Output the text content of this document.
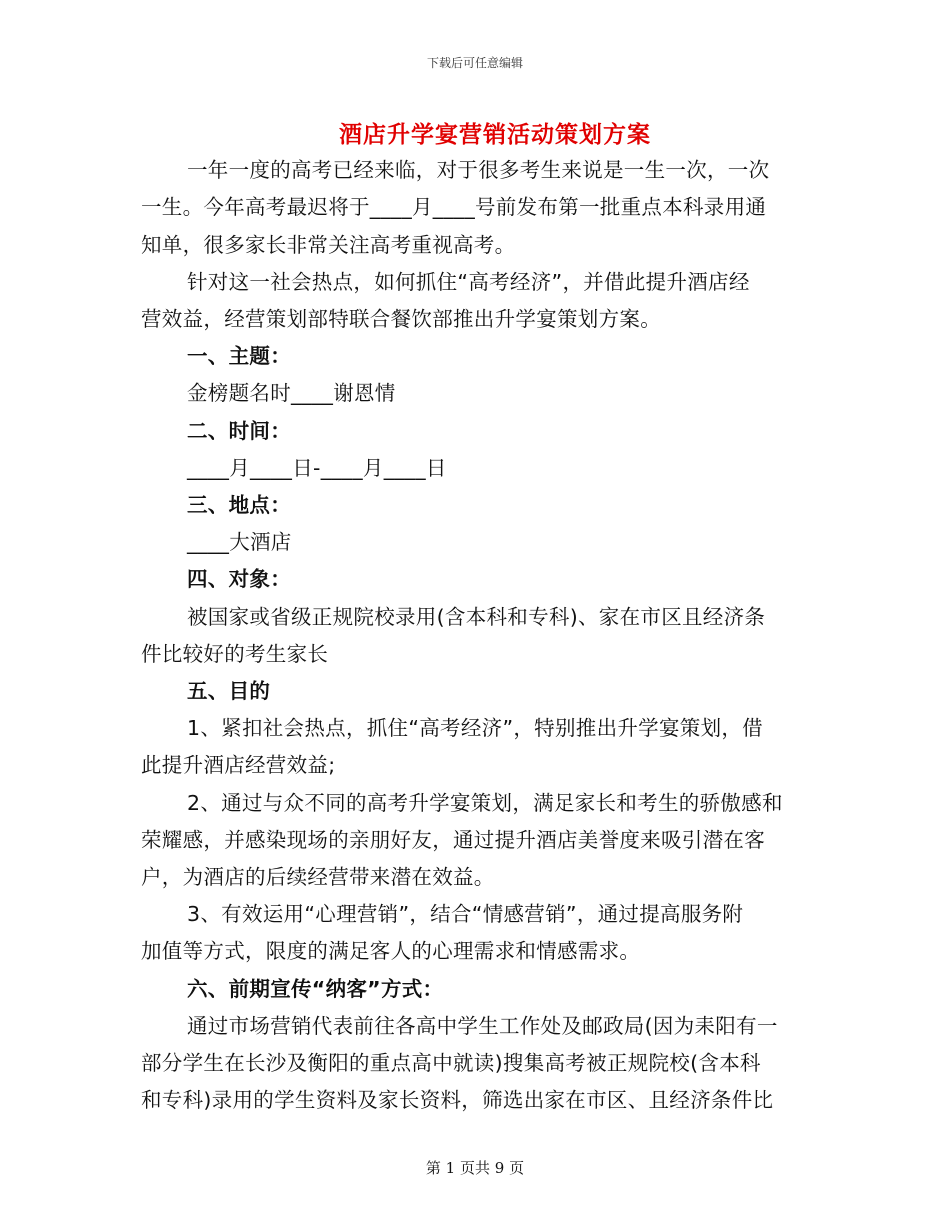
下载后可任意编辑
酒店升学宴营销活动策划方案
一年一度的高考已经来临，对于很多考生来说是一生一次，一次
一生。今年高考最迟将于____月____号前发布第一批重点本科录用通
知单，很多家长非常关注高考重视高考。
针对这一社会热点，如何抓住“高考经济”，并借此提升酒店经
营效益，经营策划部特联合餐饮部推出升学宴策划方案。
一、主题：
金榜题名时____谢恩情
二、时间：
____月____日-____月____日
三、地点：
____大酒店
四、对象：
被国家或省级正规院校录用(含本科和专科)、家在市区且经济条
件比较好的考生家长
五、目的
1、紧扣社会热点，抓住“高考经济”，特别推出升学宴策划，借
此提升酒店经营效益;
2、通过与众不同的高考升学宴策划，满足家长和考生的骄傲感和
荣耀感，并感染现场的亲朋好友，通过提升酒店美誉度来吸引潜在客
户，为酒店的后续经营带来潜在效益。
3、有效运用“心理营销”，结合“情感营销”，通过提高服务附
加值等方式，限度的满足客人的心理需求和情感需求。
六、前期宣传“纳客”方式：
通过市场营销代表前往各高中学生工作处及邮政局(因为耒阳有一
部分学生在长沙及衡阳的重点高中就读)搜集高考被正规院校(含本科
和专科)录用的学生资料及家长资料，筛选出家在市区、且经济条件比
第 1 页共 9 页
